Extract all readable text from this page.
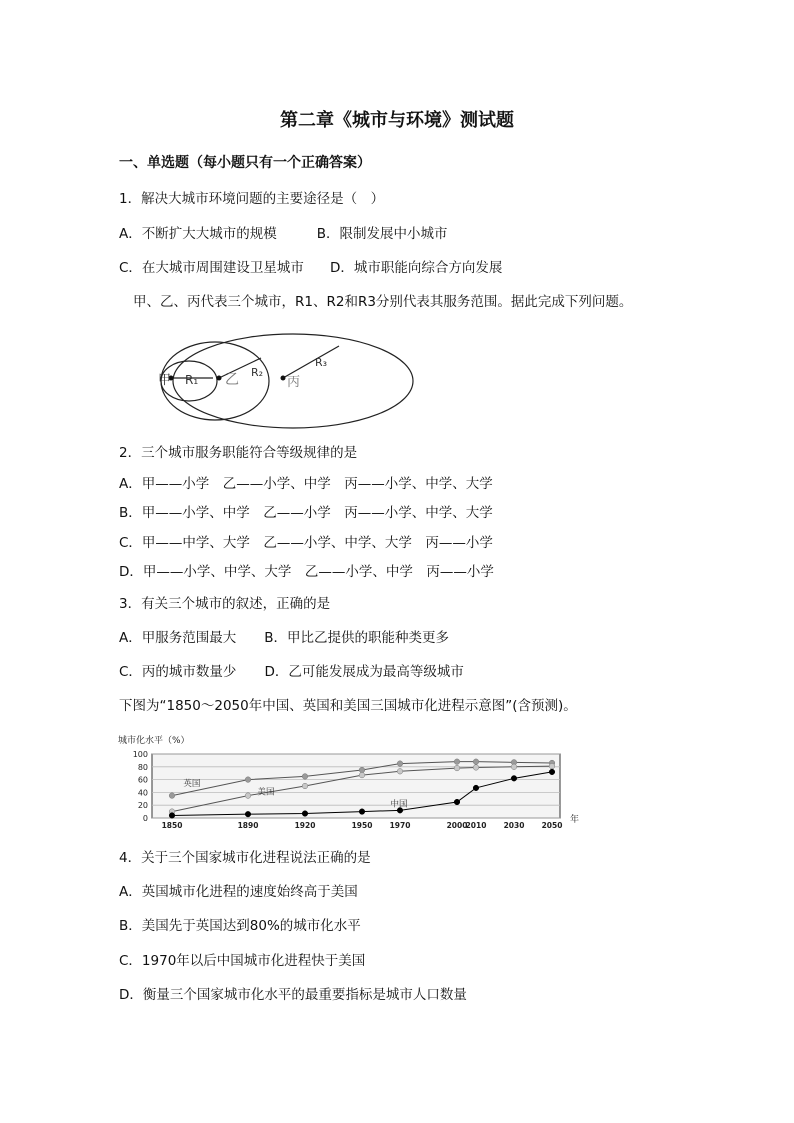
第二章《城市与环境》测试题
一、单选题（每小题只有一个正确答案）
1．解决大城市环境问题的主要途径是（　）
A．不断扩大大城市的规模	B．限制发展中小城市
C．在大城市周围建设卫星城市 D．城市职能向综合方向发展
甲、乙、丙代表三个城市，R1、R2和R3分别代表其服务范围。据此完成下列问题。
甲 R₁ 乙 R₂
丙
R₃
2．三个城市服务职能符合等级规律的是
A．甲——小学　乙——小学、中学　丙——小学、中学、大学
B．甲——小学、中学　乙——小学　丙——小学、中学、大学
C．甲——中学、大学　乙——小学、中学、大学　丙——小学
D．甲——小学、中学、大学　乙——小学、中学　丙——小学
3．有关三个城市的叙述，正确的是
A．甲服务范围最大 B．甲比乙提供的职能种类更多
C．丙的城市数量少 D．乙可能发展成为最高等级城市
下图为“1850～2050年中国、英国和美国三国城市化进程示意图”(含预测)。
0
20
40
60
80
100
城市化水平（%）
1850	1890	1920	1950 1970	2000
2010 2030 2050
年
英国
美国
中国
4．关于三个国家城市化进程说法正确的是
A．英国城市化进程的速度始终高于美国
B．美国先于英国达到80%的城市化水平
C．1970年以后中国城市化进程快于美国
D．衡量三个国家城市化水平的最重要指标是城市人口数量
